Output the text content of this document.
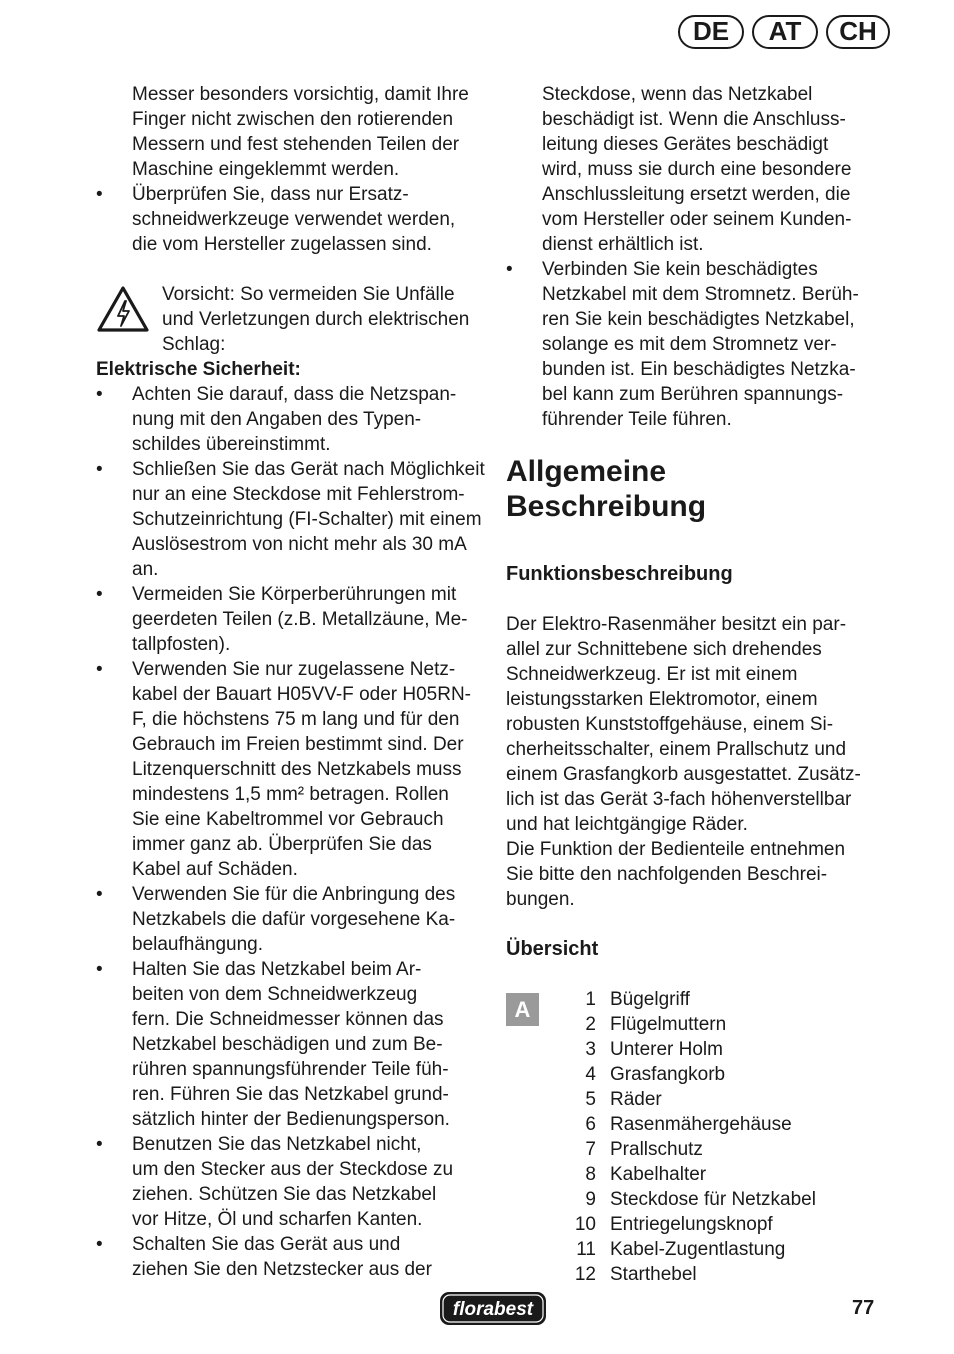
DE	AT	CH
Messer besonders vorsichtig, damit Ihre
Finger nicht zwischen den rotierenden
Messern und fest stehenden Teilen der
Maschine eingeklemmt werden.
• Überprüfen Sie, dass nur Ersatz-
schneidwerkzeuge verwendet werden,
die vom Hersteller zugelassen sind.
Vorsicht: So vermeiden Sie Unfälle
und Verletzungen durch elektrischen
Schlag:
Elektrische Sicherheit:
• Achten Sie darauf, dass die Netzspan-
nung mit den Angaben des Typen-
schildes übereinstimmt.
• Schließen Sie das Gerät nach Möglichkeit
nur an eine Steckdose mit Fehlerstrom-
Schutzeinrichtung (FI-Schalter) mit einem
Auslösestrom von nicht mehr als 30 mA
an.
• Vermeiden Sie Körperberührungen mit
geerdeten Teilen (z.B. Metallzäune, Me-
tallpfosten).
• Verwenden Sie nur zugelassene Netz-
kabel der Bauart H05VV-F oder H05RN-
F, die höchstens 75 m lang und für den
Gebrauch im Freien bestimmt sind. Der
Litzenquerschnitt des Netzkabels muss
mindestens 1,5 mm² betragen. Rollen
Sie eine Kabeltrommel vor Gebrauch
immer ganz ab. Überprüfen Sie das
Kabel auf Schäden.
• Verwenden Sie für die Anbringung des
Netzkabels die dafür vorgesehene Ka-
belaufhängung.
• Halten Sie das Netzkabel beim Ar-
beiten von dem Schneidwerkzeug
fern. Die Schneidmesser können das
Netzkabel beschädigen und zum Be-
rühren spannungsführender Teile füh-
ren. Führen Sie das Netzkabel grund-
sätzlich hinter der Bedienungsperson.
• Benutzen Sie das Netzkabel nicht,
um den Stecker aus der Steckdose zu
ziehen. Schützen Sie das Netzkabel
vor Hitze, Öl und scharfen Kanten.
• Schalten Sie das Gerät aus und
ziehen Sie den Netzstecker aus der
Steckdose, wenn das Netzkabel
beschädigt ist. Wenn die Anschluss-
leitung dieses Gerätes beschädigt
wird, muss sie durch eine besondere
Anschlussleitung ersetzt werden, die
vom Hersteller oder seinem Kunden-
dienst erhältlich ist.
• Verbinden Sie kein beschädigtes
Netzkabel mit dem Stromnetz. Berüh-
ren Sie kein beschädigtes Netzkabel,
solange es mit dem Stromnetz ver-
bunden ist. Ein beschädigtes Netzka-
bel kann zum Berühren spannungs-
führender Teile führen.
Allgemeine
Beschreibung
Funktionsbeschreibung
Der Elektro-Rasenmäher besitzt ein par-
allel zur Schnittebene sich drehendes
Schneidwerkzeug. Er ist mit einem
leistungsstarken Elektromotor, einem
robusten Kunststoffgehäuse, einem Si-
cherheitsschalter, einem Prallschutz und
einem Grasfangkorb ausgestattet. Zusätz-
lich ist das Gerät 3-fach höhenverstellbar
und hat leichtgängige Räder.
Die Funktion der Bedienteile entnehmen
Sie bitte den nachfolgenden Beschrei-
bungen.
Übersicht
A	1	Bügelgriff
2	Flügelmuttern
3	Unterer Holm
4	Grasfangkorb
5	Räder
6	Rasenmähergehäuse
7	Prallschutz
8	Kabelhalter
9	Steckdose für Netzkabel
10	Entriegelungsknopf
11	Kabel-Zugentlastung
12	Starthebel
florabest	77
